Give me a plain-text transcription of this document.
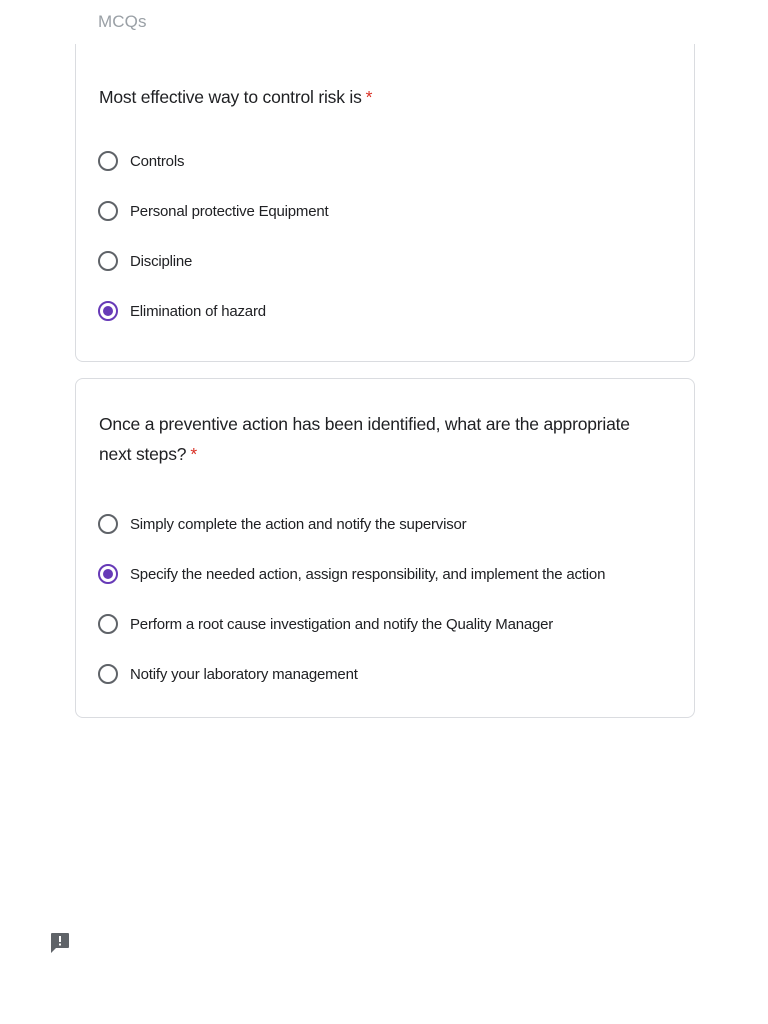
MCQs
Most effective way to control risk is *
Controls
Personal protective Equipment
Discipline
Elimination of hazard
Once a preventive action has been identified, what are the appropriate next steps? *
Simply complete the action and notify the supervisor
Specify the needed action, assign responsibility, and implement the action
Perform a root cause investigation and notify the Quality Manager
Notify your laboratory management
